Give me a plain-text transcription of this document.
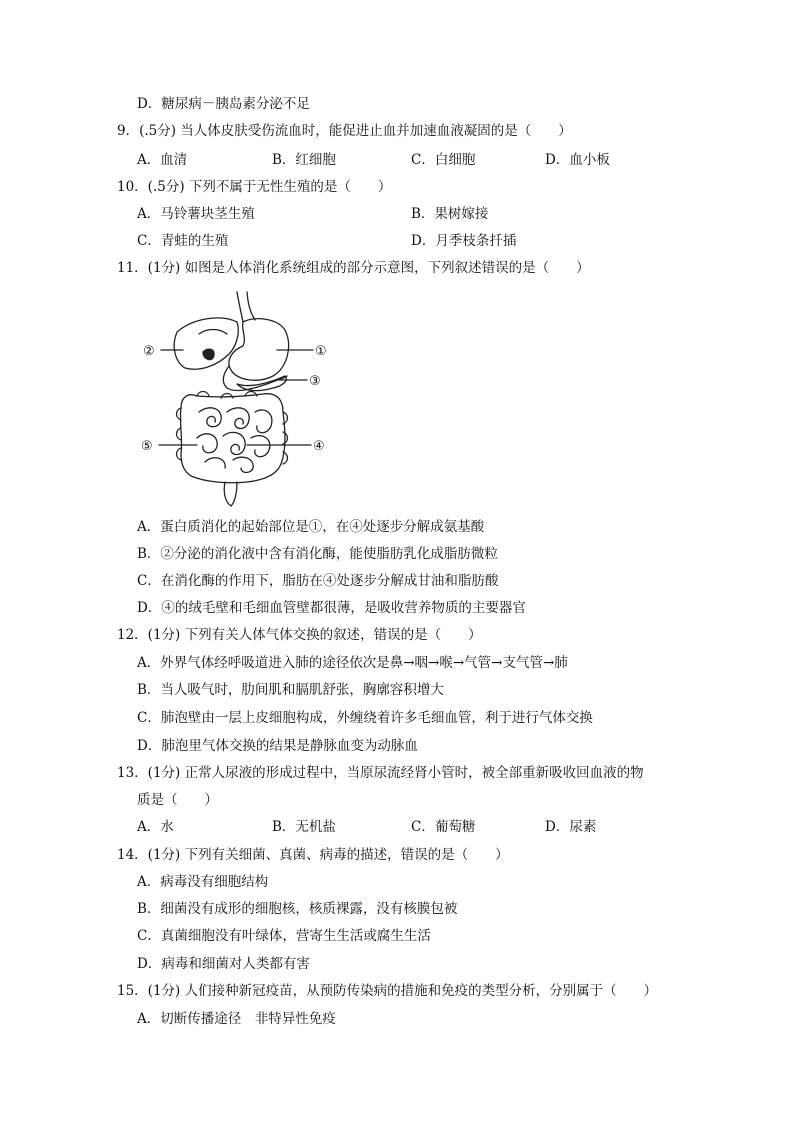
D．糖尿病－胰岛素分泌不足
9．(.5分) 当人体皮肤受伤流血时，能促进止血并加速血液凝固的是（　　）
A．血清	B．红细胞	C．白细胞	D．血小板
10．(.5分) 下列不属于无性生殖的是（　　）
A．马铃薯块茎生殖	B．果树嫁接
C．青蛙的生殖	D．月季枝条扦插
11．(1分) 如图是人体消化系统组成的部分示意图，下列叙述错误的是（　　）
①
②
③
④
⑤
A．蛋白质消化的起始部位是①，在④处逐步分解成氨基酸
B．②分泌的消化液中含有消化酶，能使脂肪乳化成脂肪微粒
C．在消化酶的作用下，脂肪在④处逐步分解成甘油和脂肪酸
D．④的绒毛壁和毛细血管壁都很薄，是吸收营养物质的主要器官
12．(1分) 下列有关人体气体交换的叙述，错误的是（　　）
A．外界气体经呼吸道进入肺的途径依次是鼻→咽→喉→气管→支气管→肺
B．当人吸气时，肋间肌和膈肌舒张，胸廓容积增大
C．肺泡壁由一层上皮细胞构成，外缠绕着许多毛细血管，利于进行气体交换
D．肺泡里气体交换的结果是静脉血变为动脉血
13．(1分) 正常人尿液的形成过程中，当原尿流经肾小管时，被全部重新吸收回血液的物
质是（　　）
A．水	B．无机盐	C．葡萄糖	D．尿素
14．(1分) 下列有关细菌、真菌、病毒的描述，错误的是（　　）
A．病毒没有细胞结构
B．细菌没有成形的细胞核，核质裸露，没有核膜包被
C．真菌细胞没有叶绿体，营寄生生活或腐生生活
D．病毒和细菌对人类都有害
15．(1分) 人们接种新冠疫苗，从预防传染病的措施和免疫的类型分析，分别属于（　　）
A．切断传播途径　非特异性免疫
